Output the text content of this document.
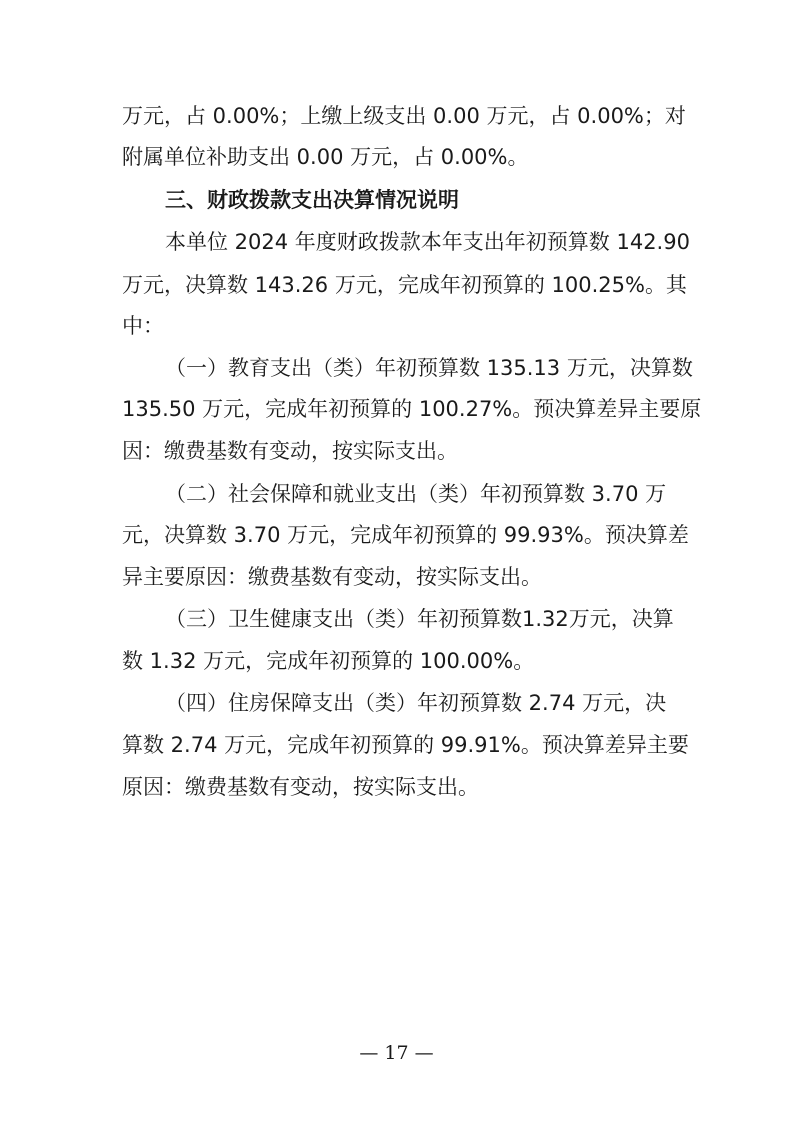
万元，占 0.00%；上缴上级支出 0.00 万元，占 0.00%；对
附属单位补助支出 0.00 万元，占 0.00%。
三、财政拨款支出决算情况说明
本单位 2024 年度财政拨款本年支出年初预算数 142.90
万元，决算数 143.26 万元，完成年初预算的 100.25%。其
中：
（一）教育支出（类）年初预算数 135.13 万元，决算数
135.50 万元，完成年初预算的 100.27%。预决算差异主要原
因：缴费基数有变动，按实际支出。
（二）社会保障和就业支出（类）年初预算数 3.70 万
元，决算数 3.70 万元，完成年初预算的 99.93%。预决算差
异主要原因：缴费基数有变动，按实际支出。
（三）卫生健康支出（类）年初预算数1.32万元，决算
数 1.32 万元，完成年初预算的 100.00%。
（四）住房保障支出（类）年初预算数 2.74 万元，决
算数 2.74 万元，完成年初预算的 99.91%。预决算差异主要
原因：缴费基数有变动，按实际支出。
— 17 —
